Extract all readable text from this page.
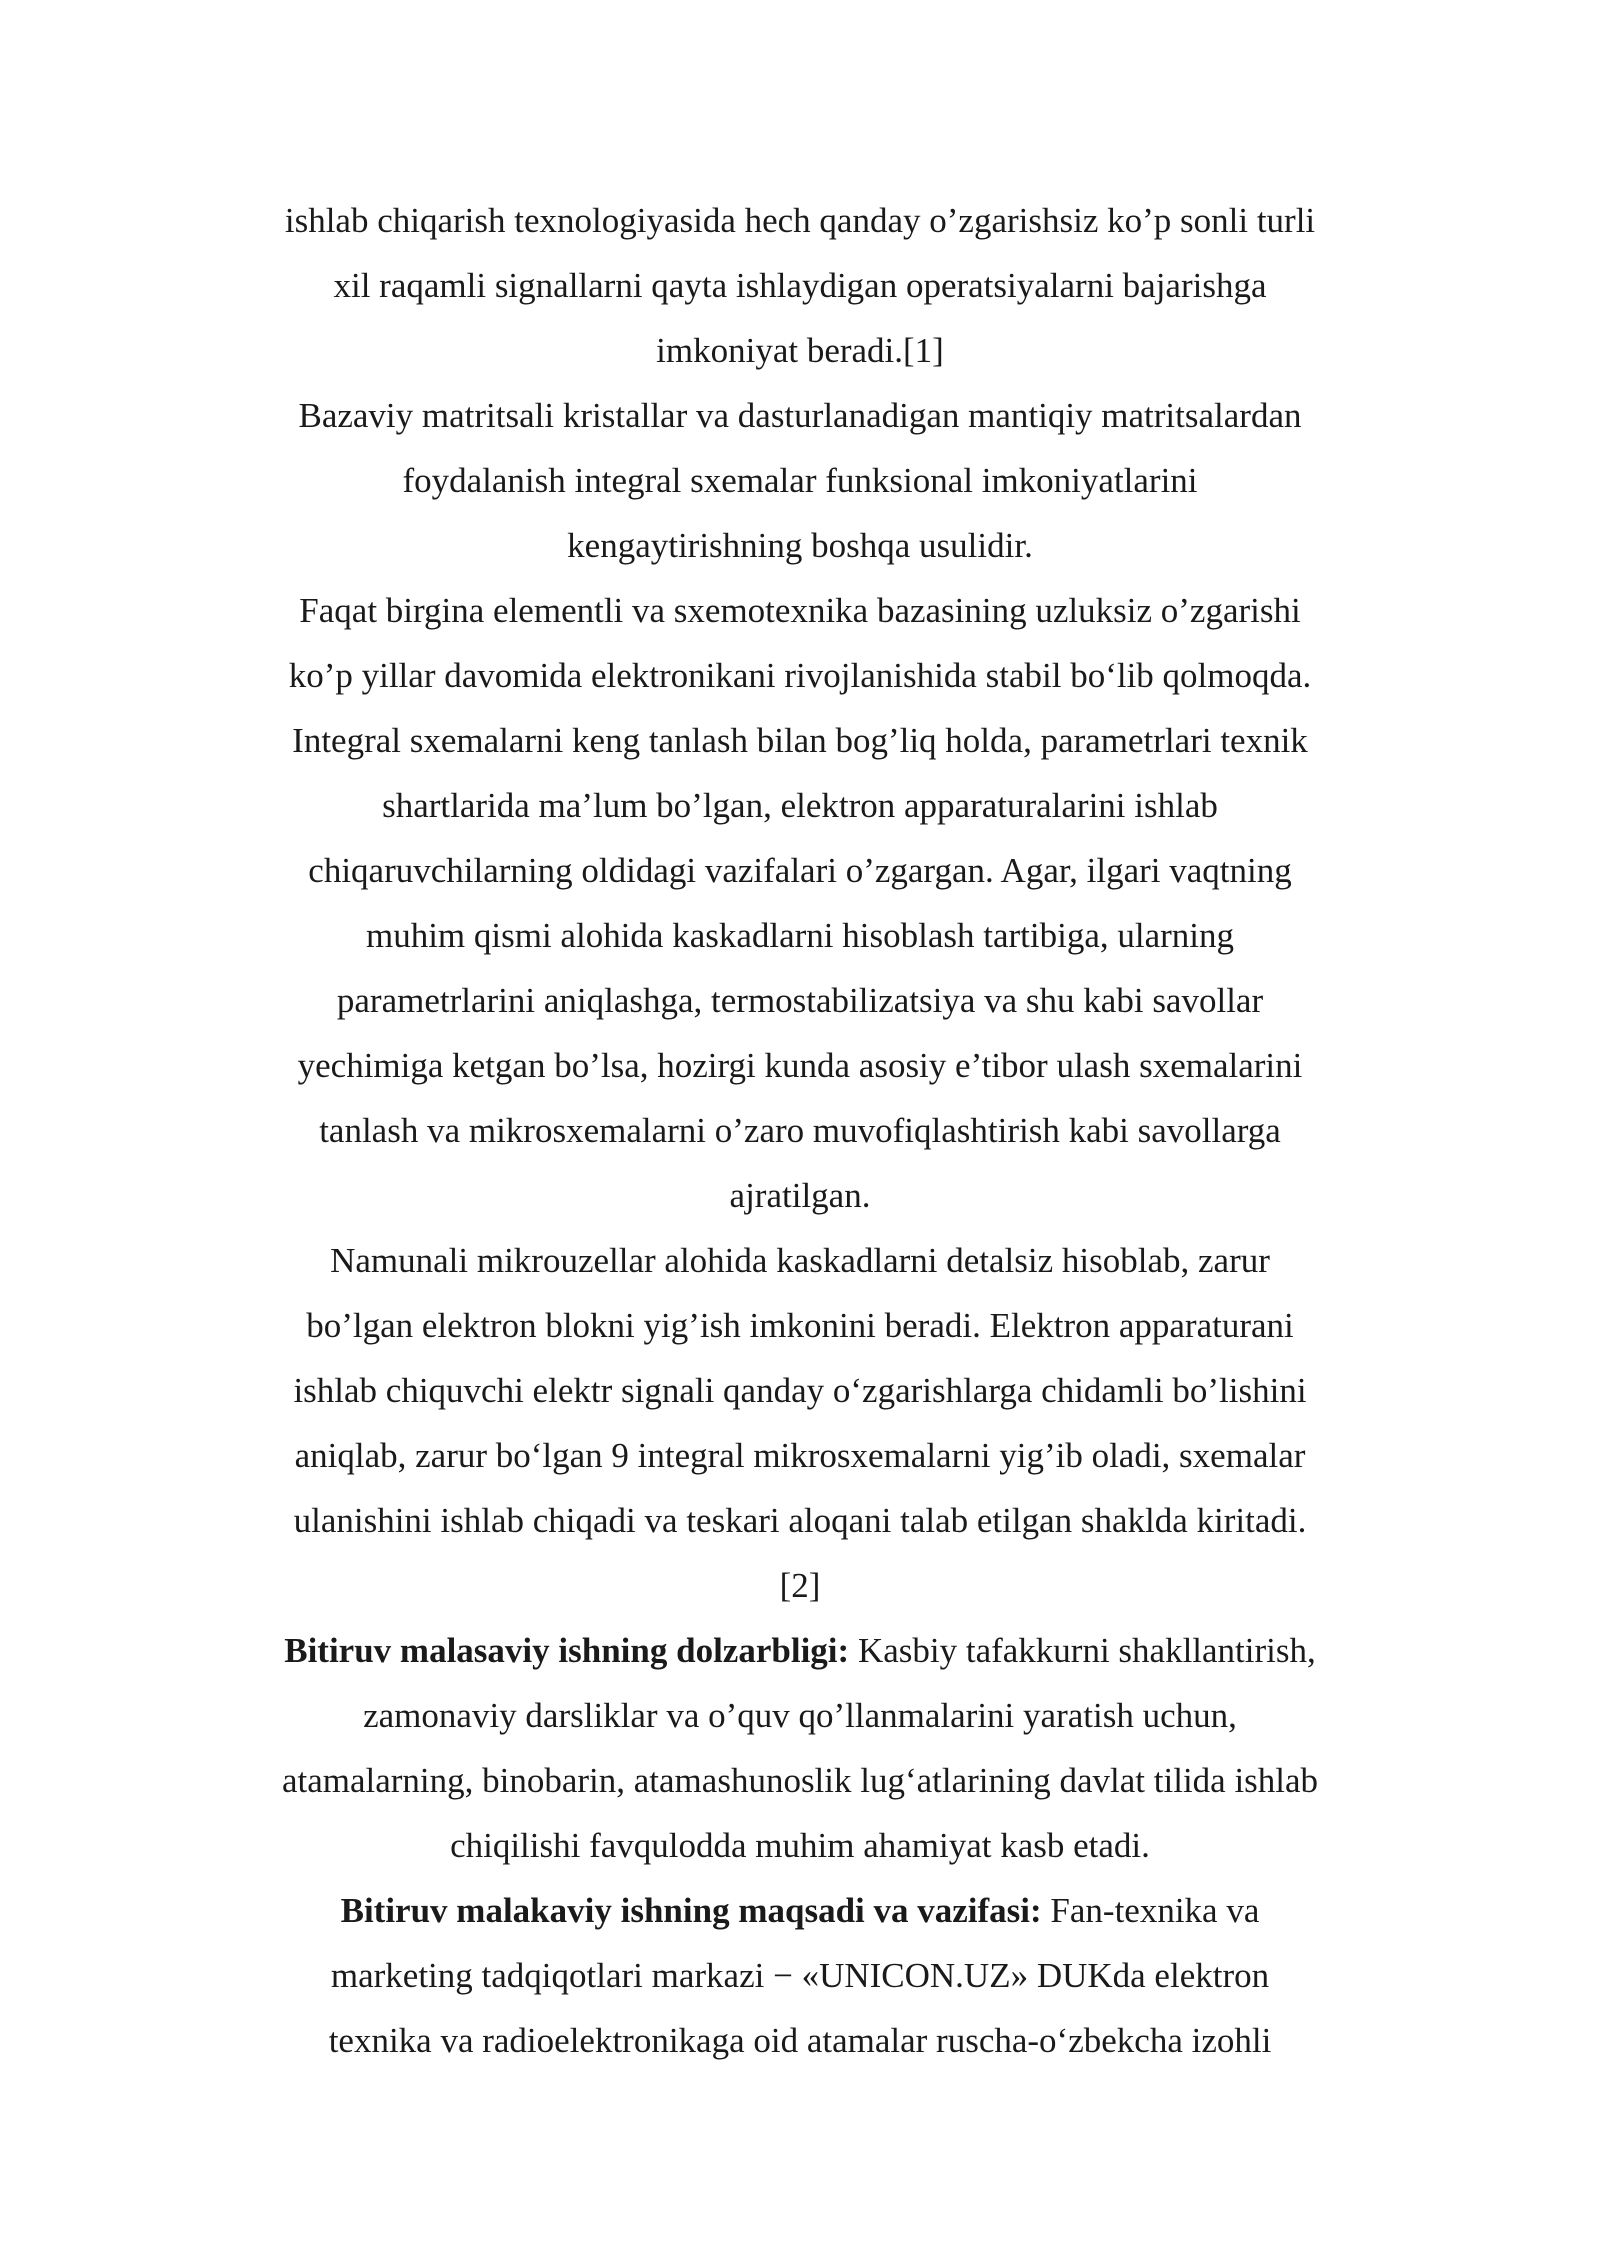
ishlab chiqarish texnologiyasida hech qanday o’zgarishsiz ko’p sonli turli
xil raqamli signallarni qayta ishlaydigan operatsiyalarni bajarishga
imkoniyat beradi.[1]
Bazaviy matritsali kristallar va dasturlanadigan mantiqiy matritsalardan
foydalanish integral sxemalar funksional imkoniyatlarini
kengaytirishning boshqa usulidir.
Faqat birgina elementli va sxemotexnika bazasining uzluksiz o’zgarishi
ko’p yillar davomida elektronikani rivojlanishida stabil bo‘lib qolmoqda.
Integral sxemalarni keng tanlash bilan bog’liq holda, parametrlari texnik
shartlarida ma’lum bo’lgan, elektron apparaturalarini ishlab
chiqaruvchilarning oldidagi vazifalari o’zgargan. Agar, ilgari vaqtning
muhim qismi alohida kaskadlarni hisoblash tartibiga, ularning
parametrlarini aniqlashga, termostabilizatsiya va shu kabi savollar
yechimiga ketgan bo’lsa, hozirgi kunda asosiy e’tibor ulash sxemalarini
tanlash va mikrosxemalarni o’zaro muvofiqlashtirish kabi savollarga
ajratilgan.
Namunali mikrouzellar alohida kaskadlarni detalsiz hisoblab, zarur
bo’lgan elektron blokni yig’ish imkonini beradi. Elektron apparaturani
ishlab chiquvchi elektr signali qanday o‘zgarishlarga chidamli bo’lishini
aniqlab, zarur bo‘lgan 9 integral mikrosxemalarni yig’ib oladi, sxemalar
ulanishini ishlab chiqadi va teskari aloqani talab etilgan shaklda kiritadi.
[2]
Bitiruv malasaviy ishning dolzarbligi: Kasbiy tafakkurni shakllantirish,
zamonaviy darsliklar va o’quv qo’llanmalarini yaratish uchun,
atamalarning, binobarin, atamashunoslik lug‘atlarining davlat tilida ishlab
chiqilishi favqulodda muhim ahamiyat kasb etadi.
Bitiruv malakaviy ishning maqsadi va vazifasi: Fan-texnika va
marketing tadqiqotlari markazi − «UNICON.UZ» DUKda elektron
texnika va radioelektronikaga oid atamalar ruscha-o‘zbekcha izohli
